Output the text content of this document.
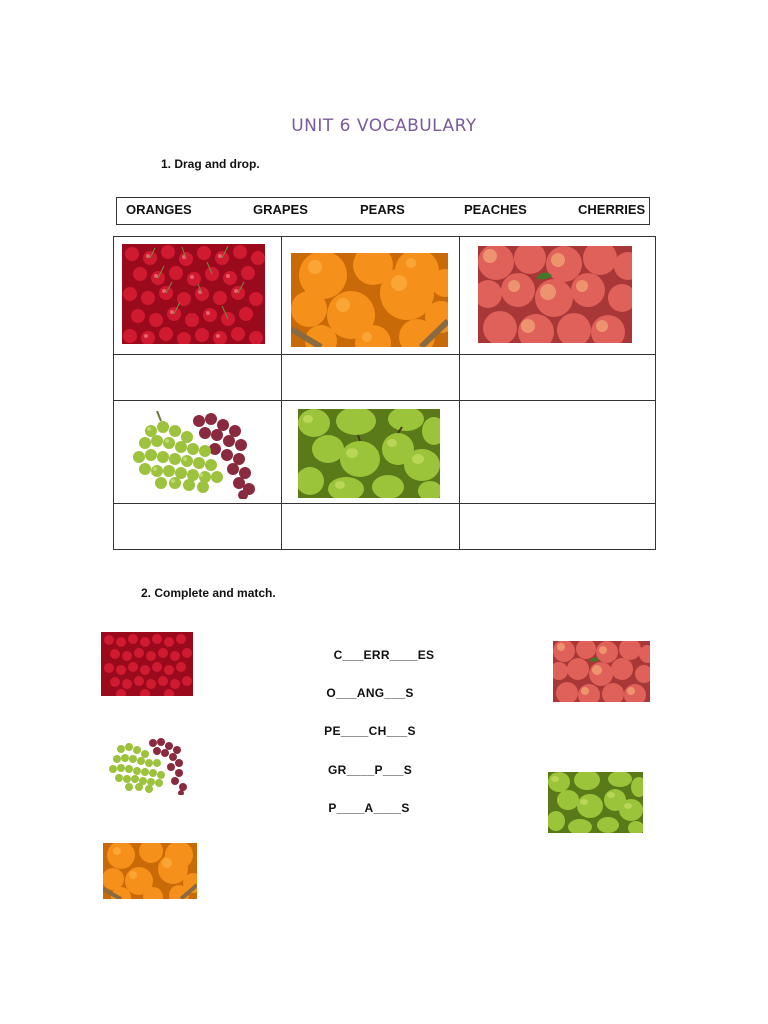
UNIT 6 VOCABULARY
1. Drag and drop.
ORANGES	GRAPES	PEARS	PEACHES	CHERRIES

2. Complete and match.
C___ERR____ES
O___ANG___S
PE____CH___S
GR____P___S
P____A____S
